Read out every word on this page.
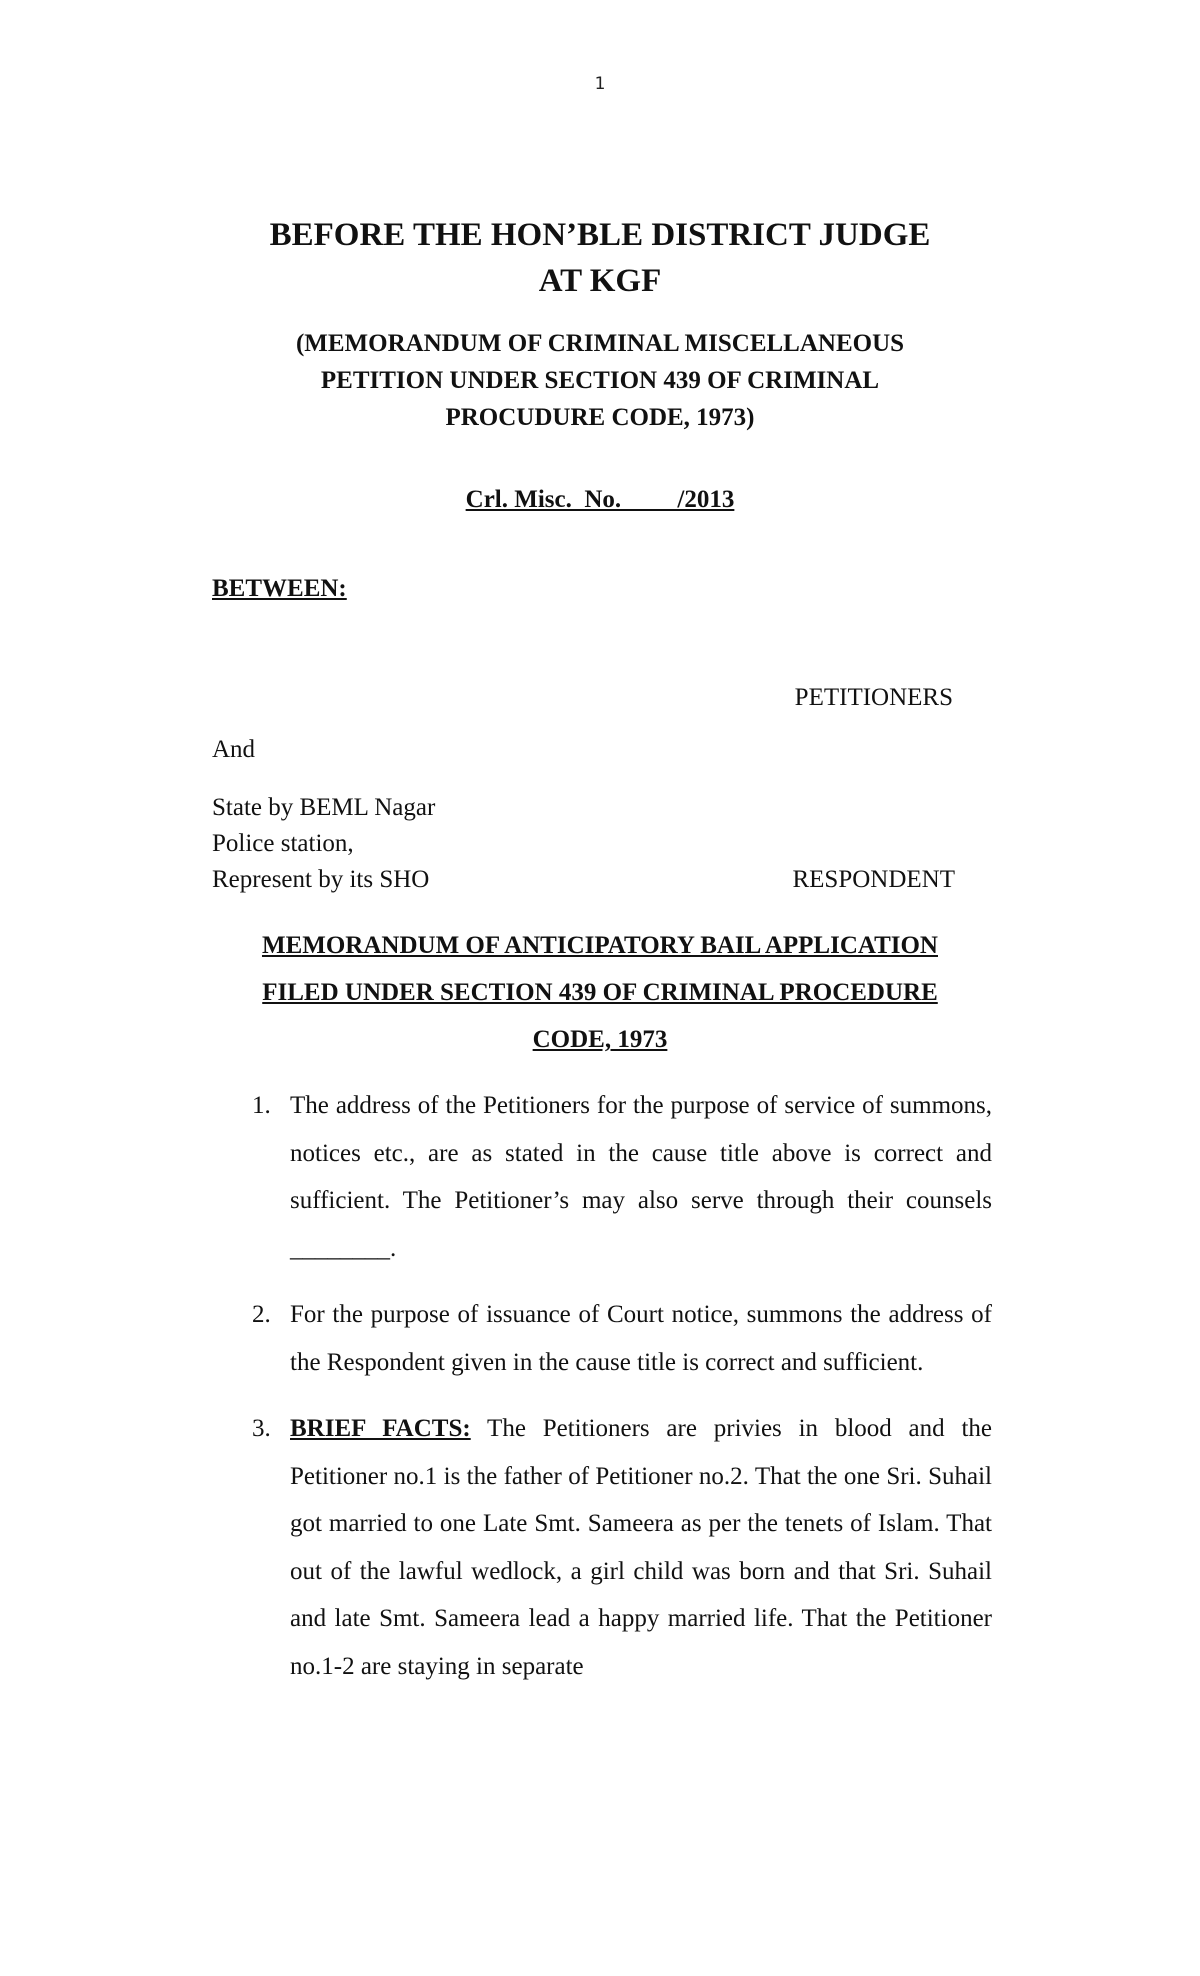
1
BEFORE THE HON’BLE DISTRICT JUDGE
AT KGF
(MEMORANDUM OF CRIMINAL MISCELLANEOUS
PETITION UNDER SECTION 439 OF CRIMINAL
PROCUDURE CODE, 1973)
Crl. Misc.  No.         /2013
BETWEEN:
PETITIONERS
And
State by BEML Nagar
Police station,
Represent by its SHO	RESPONDENT
MEMORANDUM OF ANTICIPATORY BAIL APPLICATION
FILED UNDER SECTION 439 OF CRIMINAL PROCEDURE
CODE, 1973
1. The address of the Petitioners for the purpose of service of summons, notices etc., are as stated in the cause title above is correct and sufficient. The Petitioner’s may also serve through their counsels ________.
2. For the purpose of issuance of Court notice, summons the address of the Respondent given in the cause title is correct and sufficient.
3. BRIEF FACTS: The Petitioners are privies in blood and the Petitioner no.1 is the father of Petitioner no.2. That the one Sri. Suhail got married to one Late Smt. Sameera as per the tenets of Islam. That out of the lawful wedlock, a girl child was born and that Sri. Suhail and late Smt. Sameera lead a happy married life. That the Petitioner no.1-2 are staying in separate
